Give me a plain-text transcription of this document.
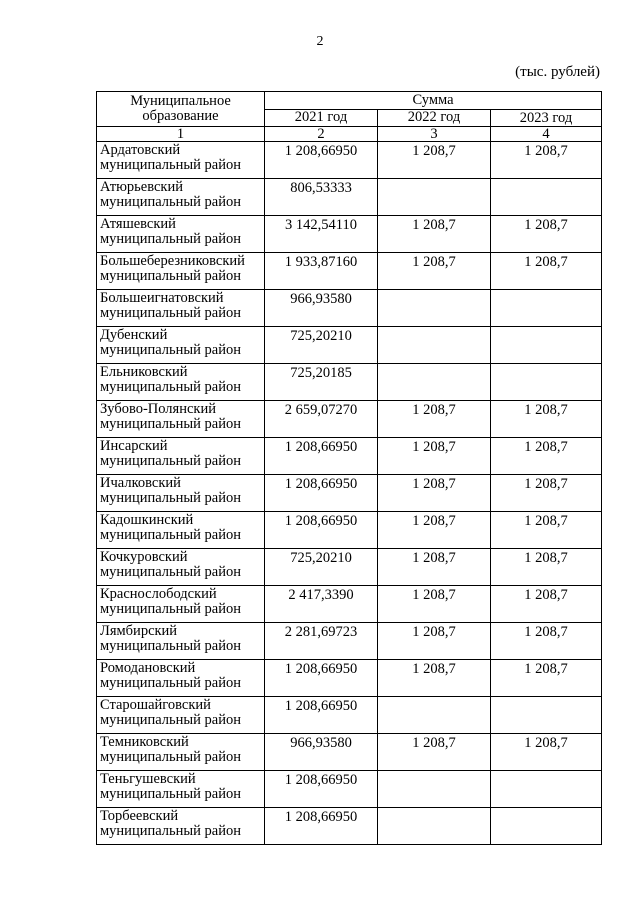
2
(тыс. рублей)
Муниципальное образование	Сумма		
	2021 год	2022 год	2023 год
1	2	3	4
Ардатовский муниципальный район	1 208,66950	1 208,7	1 208,7
Атюрьевский муниципальный район	806,53333		
Атяшевский муниципальный район	3 142,54110	1 208,7	1 208,7
Большеберезниковский муниципальный район	1 933,87160	1 208,7	1 208,7
Большеигнатовский муниципальный район	966,93580		
Дубенский муниципальный район	725,20210		
Ельниковский муниципальный район	725,20185		
Зубово-Полянский муниципальный район	2 659,07270	1 208,7	1 208,7
Инсарский муниципальный район	1 208,66950	1 208,7	1 208,7
Ичалковский муниципальный район	1 208,66950	1 208,7	1 208,7
Кадошкинский муниципальный район	1 208,66950	1 208,7	1 208,7
Кочкуровский муниципальный район	725,20210	1 208,7	1 208,7
Краснослободский муниципальный район	2 417,3390	1 208,7	1 208,7
Лямбирский муниципальный район	2 281,69723	1 208,7	1 208,7
Ромодановский муниципальный район	1 208,66950	1 208,7	1 208,7
Старошайговский муниципальный район	1 208,66950		
Темниковский муниципальный район	966,93580	1 208,7	1 208,7
Теньгушевский муниципальный район	1 208,66950		
Торбеевский муниципальный район	1 208,66950		
